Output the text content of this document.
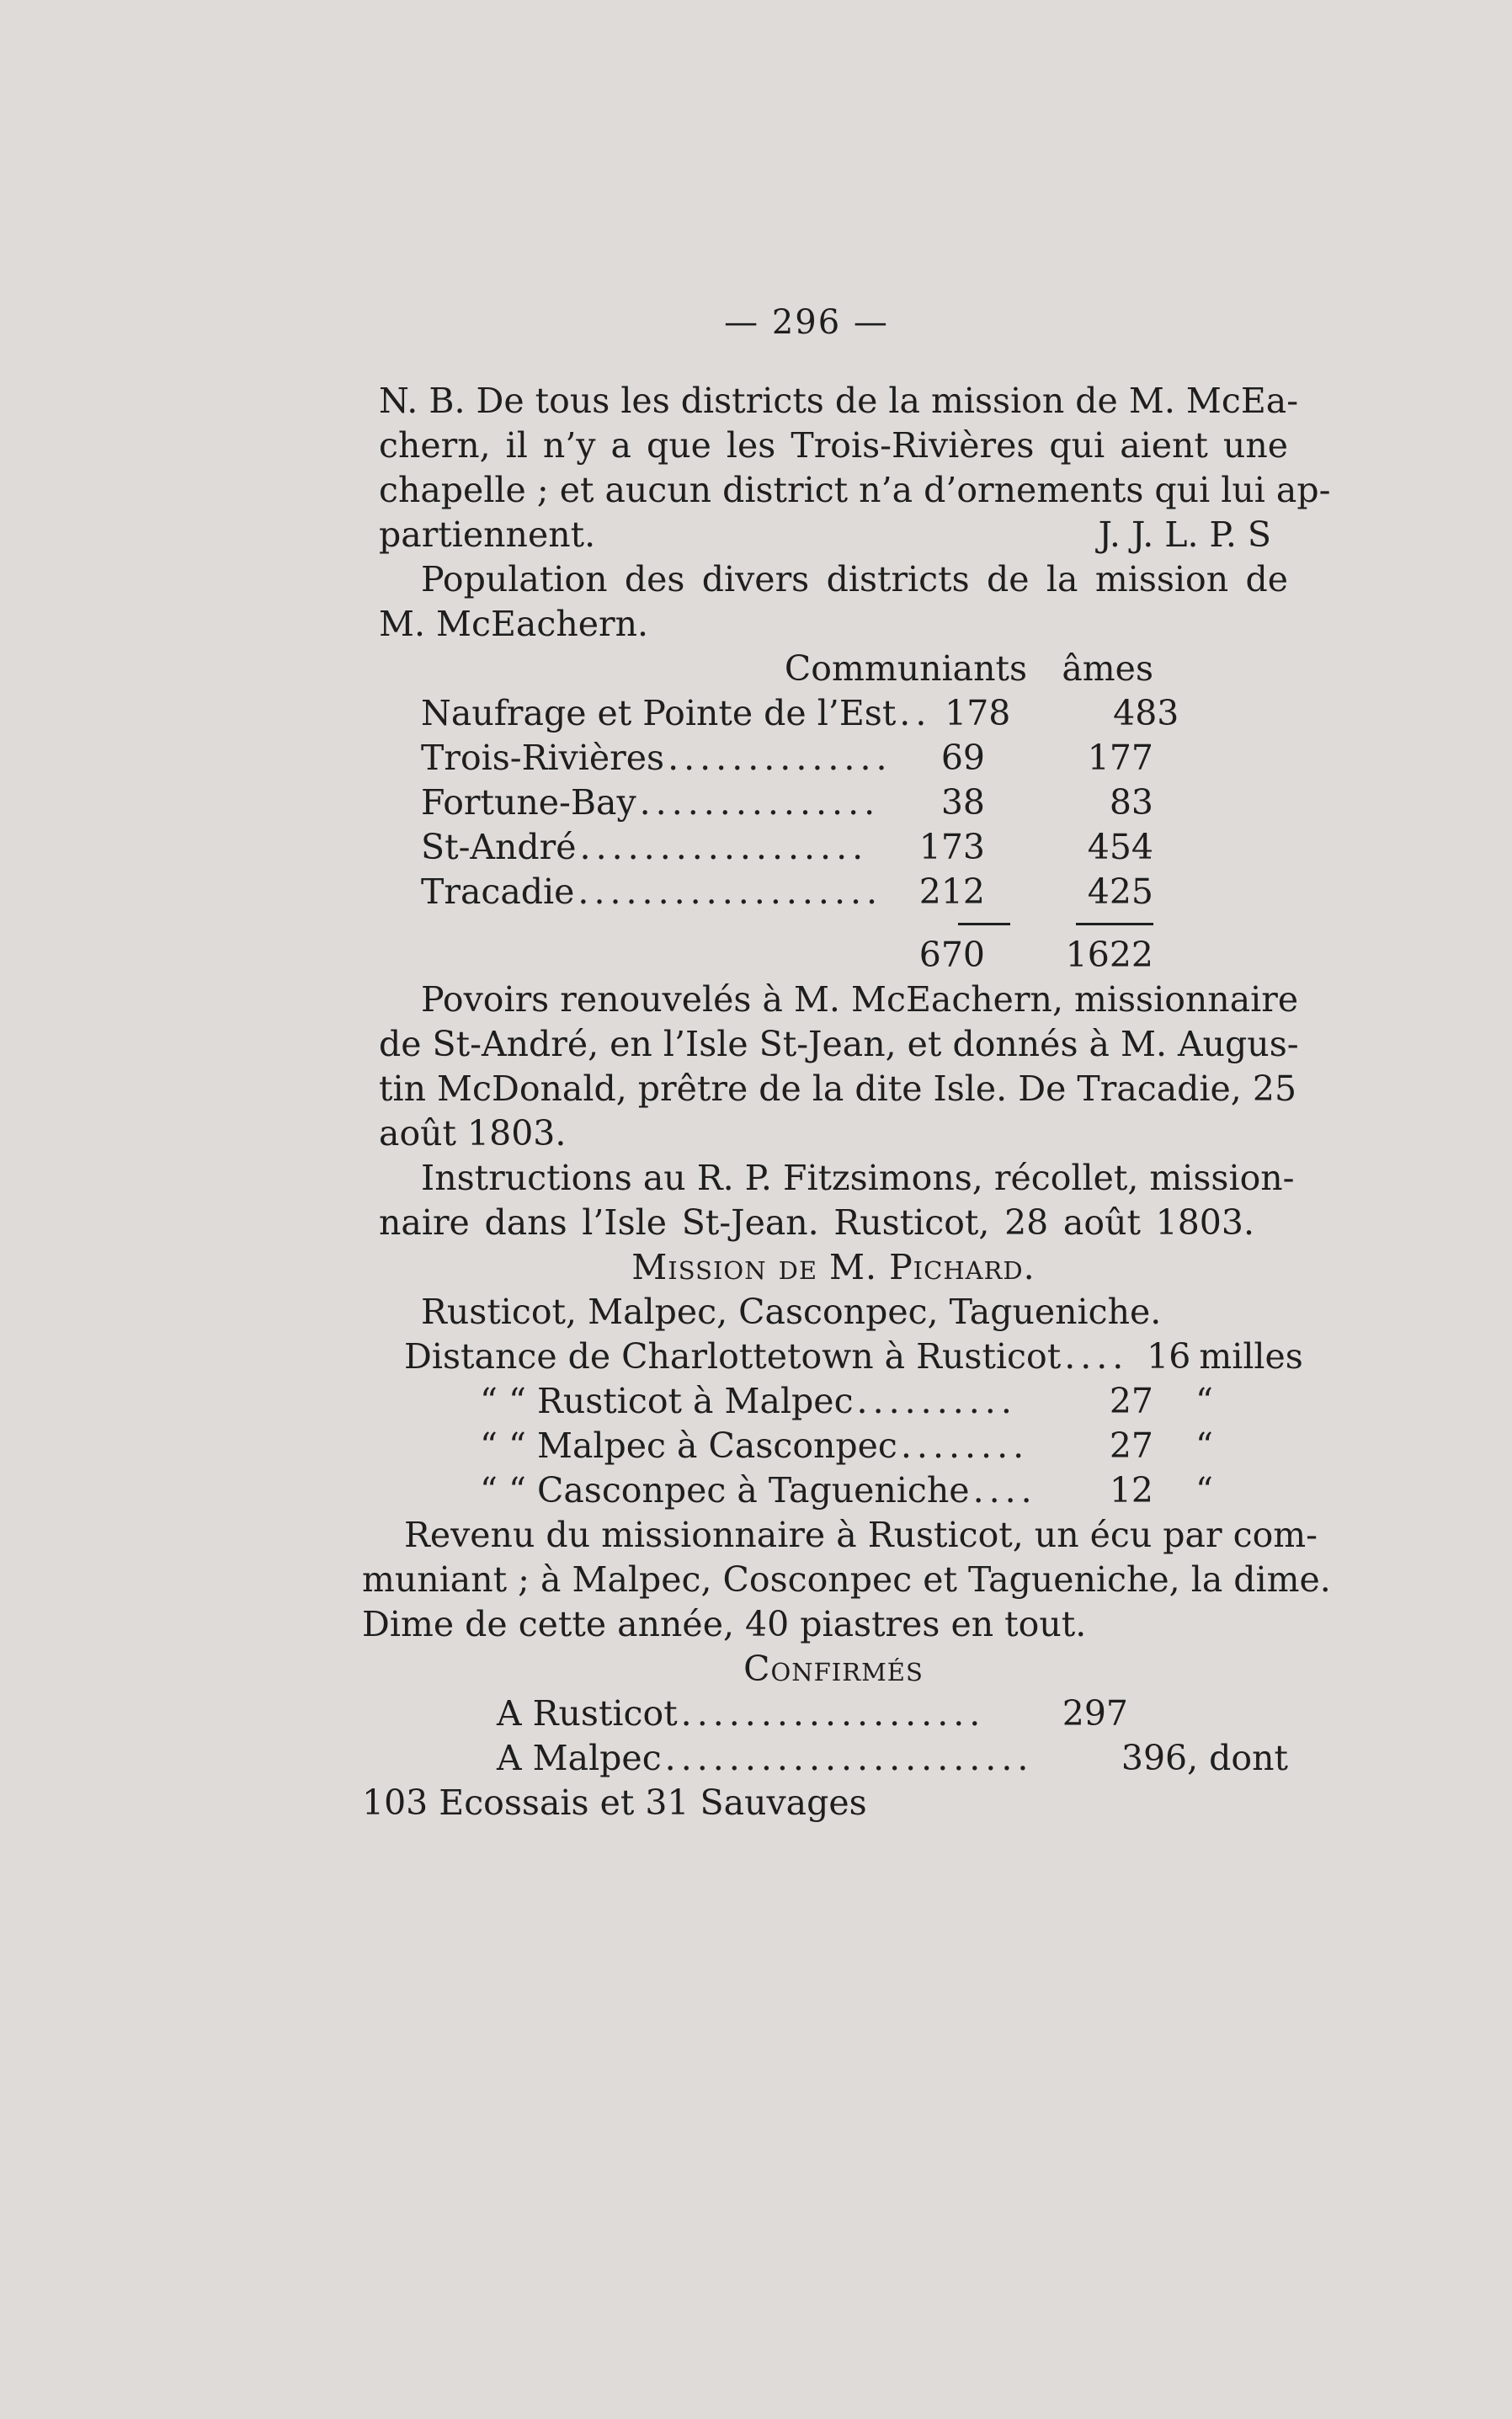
— 296 —
N. B. De tous les districts de la mission de M. McEa-
chern, il n’y a que les Trois-Rivières qui aient une
chapelle ; et aucun district n’a d’ornements qui lui ap-
partiennent.	J. J. L. P. S
Population des divers districts de la mission de
M. McEachern.
Communiants	âmes
Naufrage et Pointe de l’Est .. 178	483
Trois-Rivières ..............	69	177
Fortune-Bay ...............	38	83
St-André ..................	173	454
Tracadie ...................	212	425
670	1622
Povoirs renouvelés à M. McEachern, missionnaire
de St-André, en l’Isle St-Jean, et donnés à M. Augus-
tin McDonald, prêtre de la dite Isle. De Tracadie, 25
août 1803.
Instructions au R. P. Fitzsimons, récollet, mission-
naire dans l’Isle St-Jean. Rusticot, 28 août 1803.
Mission de M. Pichard.
Rusticot, Malpec, Casconpec, Tagueniche.
Distance de Charlottetown à Rusticot .... 16 milles
“ “ Rusticot à Malpec ..........	27	“
“ “ Malpec à Casconpec ........	27	“
“ “ Casconpec à Tagueniche ....	12	“
Revenu du missionnaire à Rusticot, un écu par com-
muniant ; à Malpec, Cosconpec et Tagueniche, la dime.
Dime de cette année, 40 piastres en tout.
Confirmés
A Rusticot ...................	297
A Malpec .......................	396, dont
103 Ecossais et 31 Sauvages
